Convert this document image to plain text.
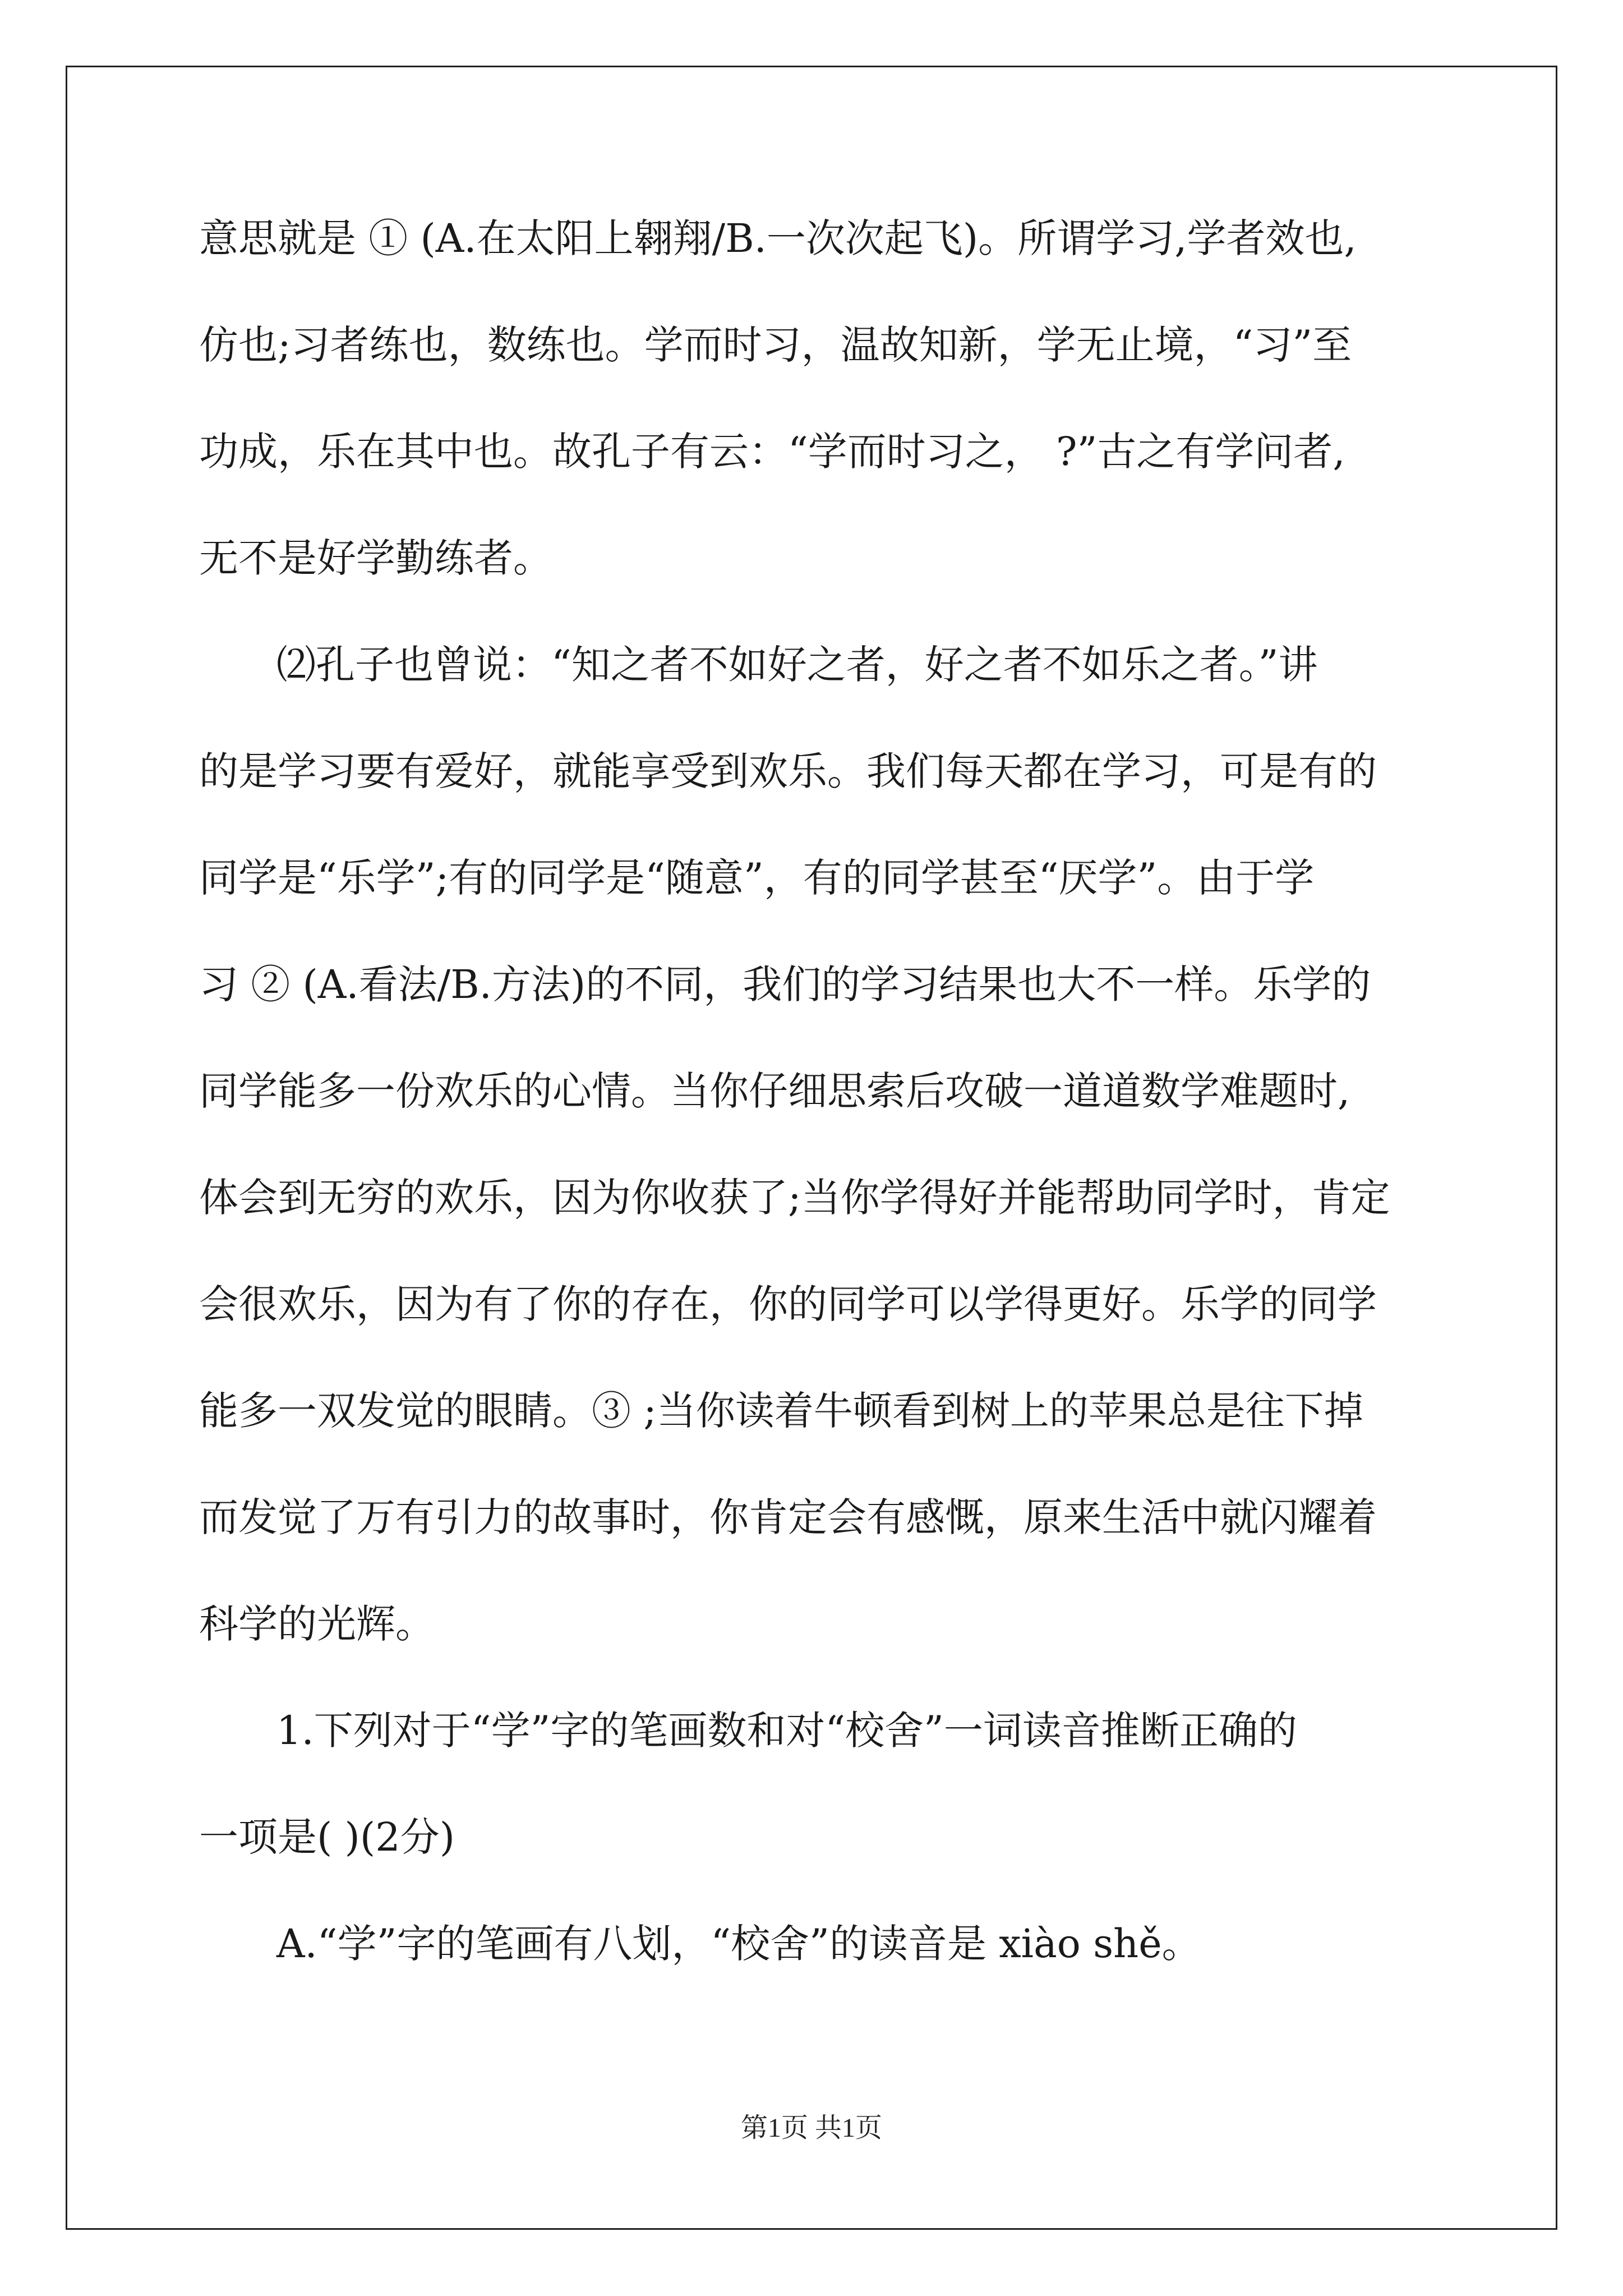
意思就是 ① (A.在太阳上翱翔/B.一次次起飞)。所谓学习,学者效也,
仿也;习者练也，数练也。学而时习，温故知新，学无止境，“习”至
功成，乐在其中也。故孔子有云：“学而时习之， ?”古之有学问者,
无不是好学勤练者。
⑵孔子也曾说：“知之者不如好之者，好之者不如乐之者。”讲
的是学习要有爱好，就能享受到欢乐。我们每天都在学习，可是有的
同学是“乐学”;有的同学是“随意”，有的同学甚至“厌学”。由于学
习 ② (A.看法/B.方法)的不同，我们的学习结果也大不一样。乐学的
同学能多一份欢乐的心情。当你仔细思索后攻破一道道数学难题时,
体会到无穷的欢乐，因为你收获了;当你学得好并能帮助同学时，肯定
会很欢乐，因为有了你的存在，你的同学可以学得更好。乐学的同学
能多一双发觉的眼睛。③ ;当你读着牛顿看到树上的苹果总是往下掉
而发觉了万有引力的故事时，你肯定会有感慨，原来生活中就闪耀着
科学的光辉。
1.下列对于“学”字的笔画数和对“校舍”一词读音推断正确的
一项是( )(2分)
A.“学”字的笔画有八划，“校舍”的读音是 xiào shě。
第1页 共1页
